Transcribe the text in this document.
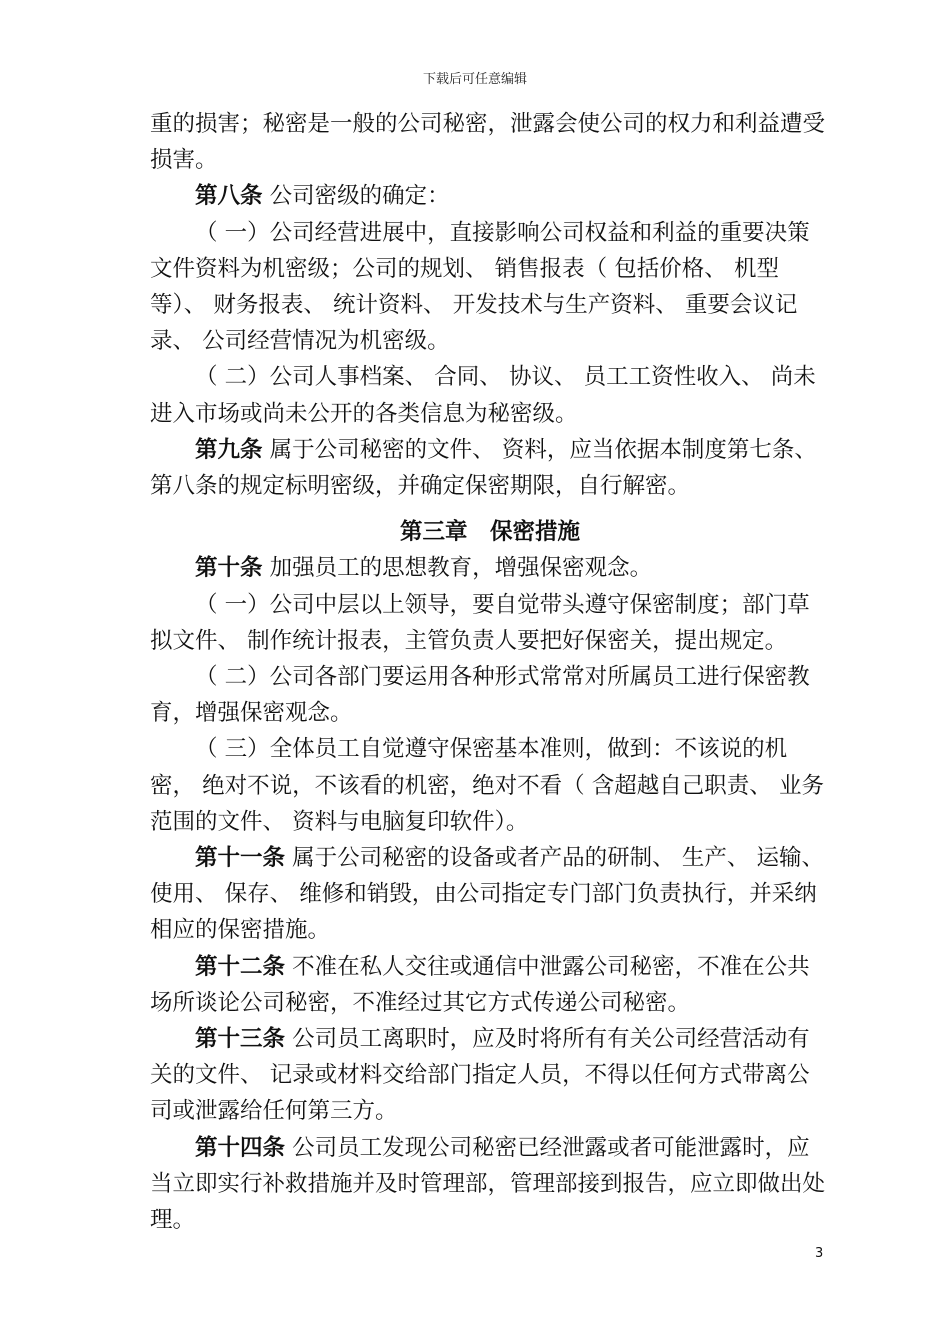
下载后可任意编辑

重的损害；秘密是一般的公司秘密，泄露会使公司的权力和利益遭受损害。

第八条 公司密级的确定：

（ 一）公司经营进展中，直接影响公司权益和利益的重要决策文件资料为机密级；公司的规划、 销售报表（ 包括价格、 机型等）、 财务报表、 统计资料、 开发技术与生产资料、 重要会议记录、 公司经营情况为机密级。

（ 二）公司人事档案、 合同、 协议、 员工工资性收入、 尚未进入市场或尚未公开的各类信息为秘密级。

第九条 属于公司秘密的文件、 资料，应当依据本制度第七条、 第八条的规定标明密级，并确定保密期限，自行解密。

第三章　保密措施

第十条 加强员工的思想教育，增强保密观念。

（ 一）公司中层以上领导，要自觉带头遵守保密制度；部门草拟文件、 制作统计报表，主管负责人要把好保密关，提出规定。

（ 二）公司各部门要运用各种形式常常对所属员工进行保密教育，增强保密观念。

（ 三）全体员工自觉遵守保密基本准则，做到：不该说的机密， 绝对不说，不该看的机密，绝对不看（ 含超越自己职责、 业务范围的文件、 资料与电脑复印软件）。

第十一条 属于公司秘密的设备或者产品的研制、 生产、 运输、 使用、 保存、 维修和销毁，由公司指定专门部门负责执行，并采纳相应的保密措施。

第十二条 不准在私人交往或通信中泄露公司秘密，不准在公共场所谈论公司秘密，不准经过其它方式传递公司秘密。

第十三条 公司员工离职时，应及时将所有有关公司经营活动有关的文件、 记录或材料交给部门指定人员，不得以任何方式带离公司或泄露给任何第三方。

第十四条 公司员工发现公司秘密已经泄露或者可能泄露时，应当立即实行补救措施并及时管理部，管理部接到报告，应立即做出处理。

3
